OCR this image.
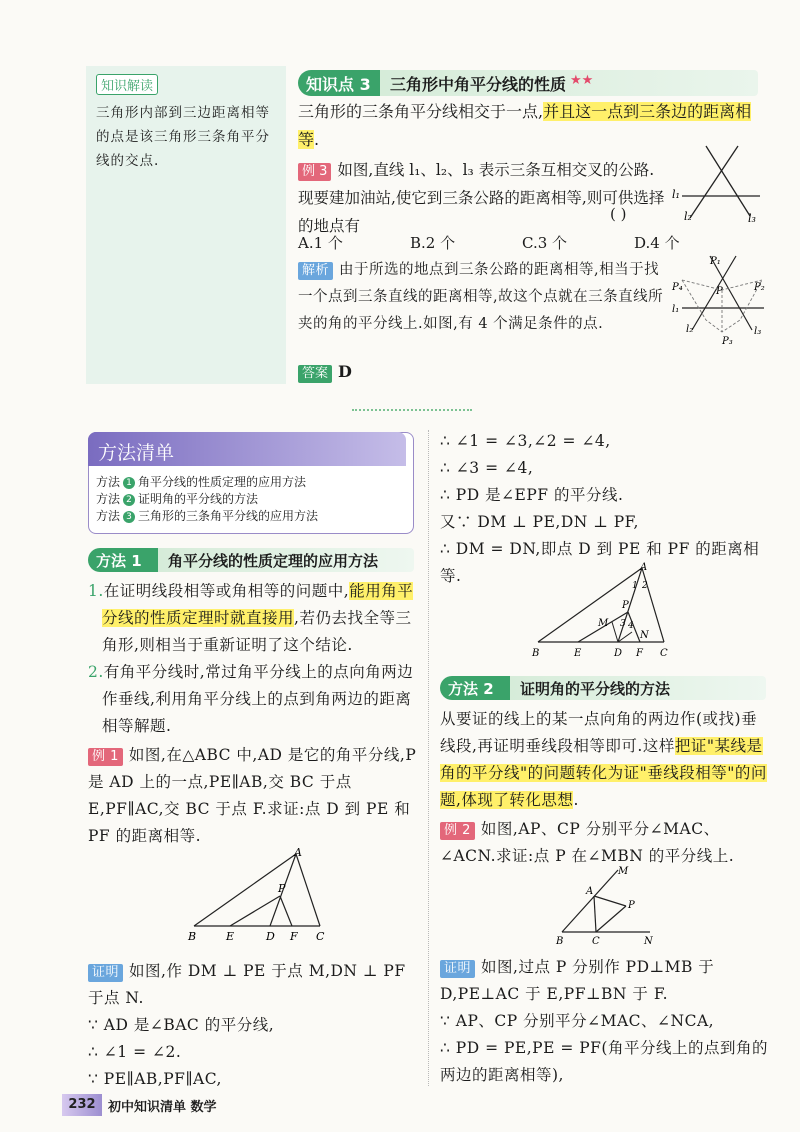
知识解读
三角形内部到三边距离相等的点是该三角形三条角平分线的交点.
知识点 3 三角形中角平分线的性质 ★★

三角形的三条角平分线相交于一点,并且这一点到三条边的距离相等.

例 3 如图,直线 l₁、l₂、l₃ 表示三条互相交叉的公路.现要建加油站,使它到三条公路的距离相等,则可供选择的地点有

( )
A.1 个	B.2 个	C.3 个	D.4 个
l₁
l₂	l₃

解析 由于所选的地点到三条公路的距离相等,相当于找一个点到三条直线的距离相等,故这个点就在三条直线所夹的角的平分线上.如图,有 4 个满足条件的点.

P₂
P₃
P₄	P
l₁
l₂	l₃
P₁
答案 D
方法清单
方法 1 角平分线的性质定理的应用方法
方法 2 证明角的平分线的方法
方法 3 三角形的三条角平分线的应用方法
方法 1 角平分线的性质定理的应用方法

1.在证明线段相等或角相等的问题中,能用角平分线的性质定理时就直接用,若仍去找全等三角形,则相当于重新证明了这个结论.

2.有角平分线时,常过角平分线上的点向角两边作垂线,利用角平分线上的点到角两边的距离相等解题.

例 1 如图,在△ABC 中,AD 是它的角平分线,P 是 AD 上的一点,PE∥AB,交 BC 于点 E,PF∥AC,交 BC 于点 F.求证:点 D 到 PE 和 PF 的距离相等.

A
P
B	E	D F C

证明 如图,作 DM ⊥ PE 于点 M,DN ⊥ PF 于点 N.

∵ AD 是∠BAC 的平分线,

∴ ∠1 = ∠2.

∵ PE∥AB,PF∥AC,

∴ ∠1 = ∠3,∠2 = ∠4,

∴ ∠3 = ∠4,

∴ PD 是∠EPF 的平分线.

又∵ DM ⊥ PE,DN ⊥ PF,

∴ DM = DN,即点 D 到 PE 和 PF 的距离相等.	A
1 2
P
M 3 4
N
B	E	D F C
方法 2 证明角的平分线的方法

从要证的线上的某一点向角的两边作(或找)垂线段,再证明垂线段相等即可.这样把证"某线是角的平分线"的问题转化为证"垂线段相等"的问题,体现了转化思想.

例 2 如图,AP、CP 分别平分∠MAC、∠ACN.求证:点 P 在∠MBN 的平分线上.

M
A
P
B	C	N

证明 如图,过点 P 分别作 PD⊥MB 于 D,PE⊥AC 于 E,PF⊥BN 于 F.

∵ AP、CP 分别平分∠MAC、∠NCA,

∴ PD = PE,PE = PF(角平分线上的点到角的两边的距离相等),

232 初中知识清单 数学
